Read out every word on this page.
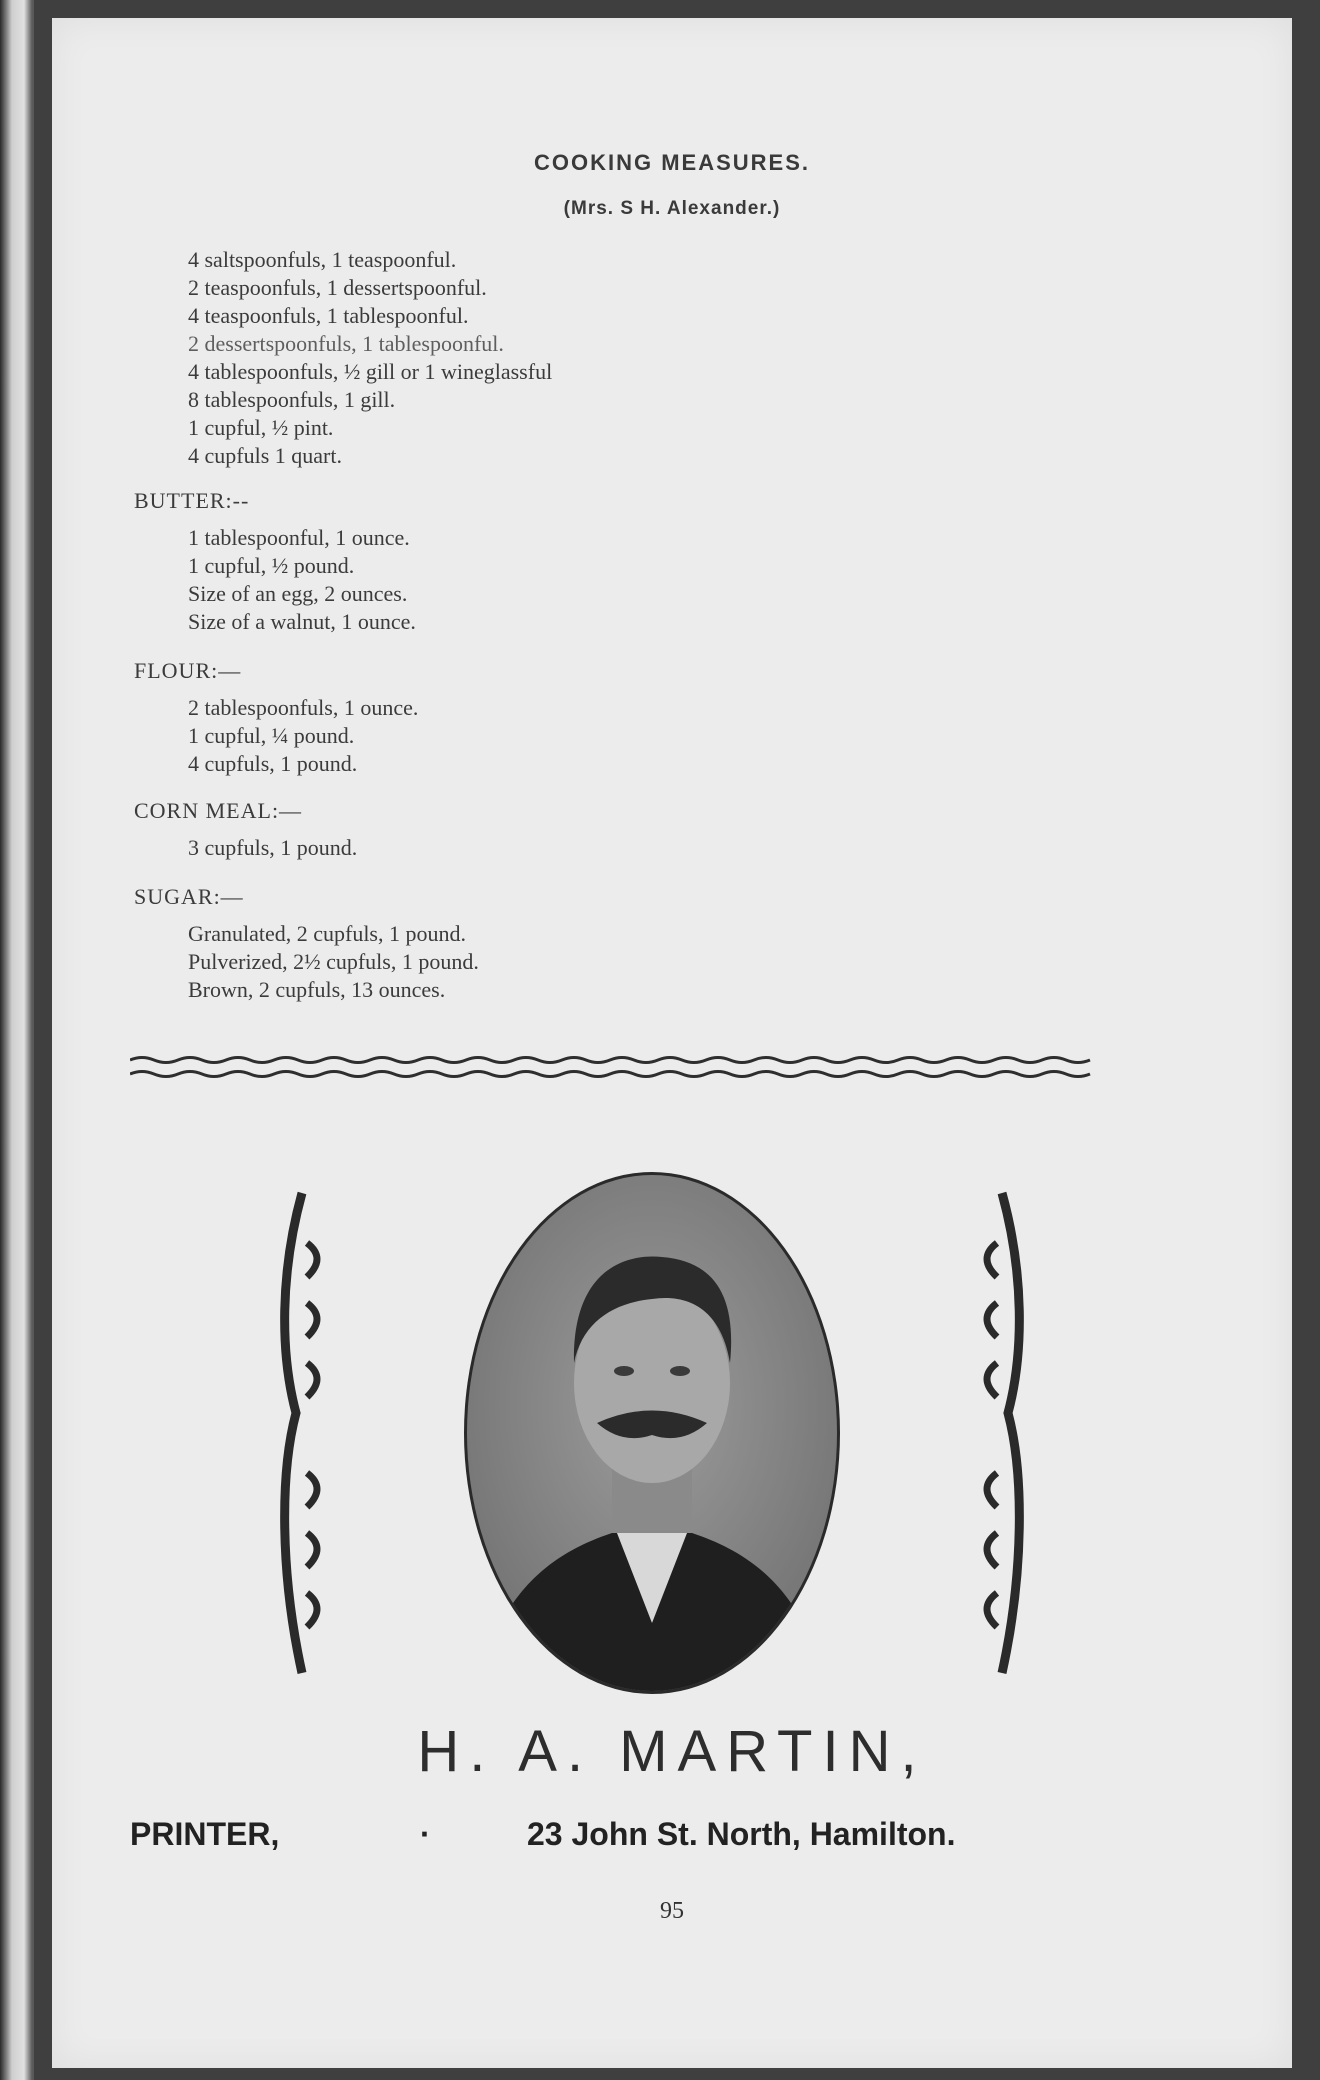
COOKING MEASURES.
(Mrs. S H. Alexander.)
4 saltspoonfuls, 1 teaspoonful.
2 teaspoonfuls, 1 dessertspoonful.
4 teaspoonfuls, 1 tablespoonful.
2 dessertspoonfuls, 1 tablespoonful.
4 tablespoonfuls, ½ gill or 1 wineglassful
8 tablespoonfuls, 1 gill.
1 cupful, ½ pint.
4 cupfuls 1 quart.
BUTTER:--
1 tablespoonful, 1 ounce.
1 cupful, ½ pound.
Size of an egg, 2 ounces.
Size of a walnut, 1 ounce.
FLOUR:—
2 tablespoonfuls, 1 ounce.
1 cupful, ¼ pound.
4 cupfuls, 1 pound.
CORN MEAL:—
3 cupfuls, 1 pound.
SUGAR:—
Granulated, 2 cupfuls, 1 pound.
Pulverized, 2½ cupfuls, 1 pound.
Brown, 2 cupfuls, 13 ounces.
H. A. MARTIN,
PRINTER,	·	23 John St. North, Hamilton.
95
